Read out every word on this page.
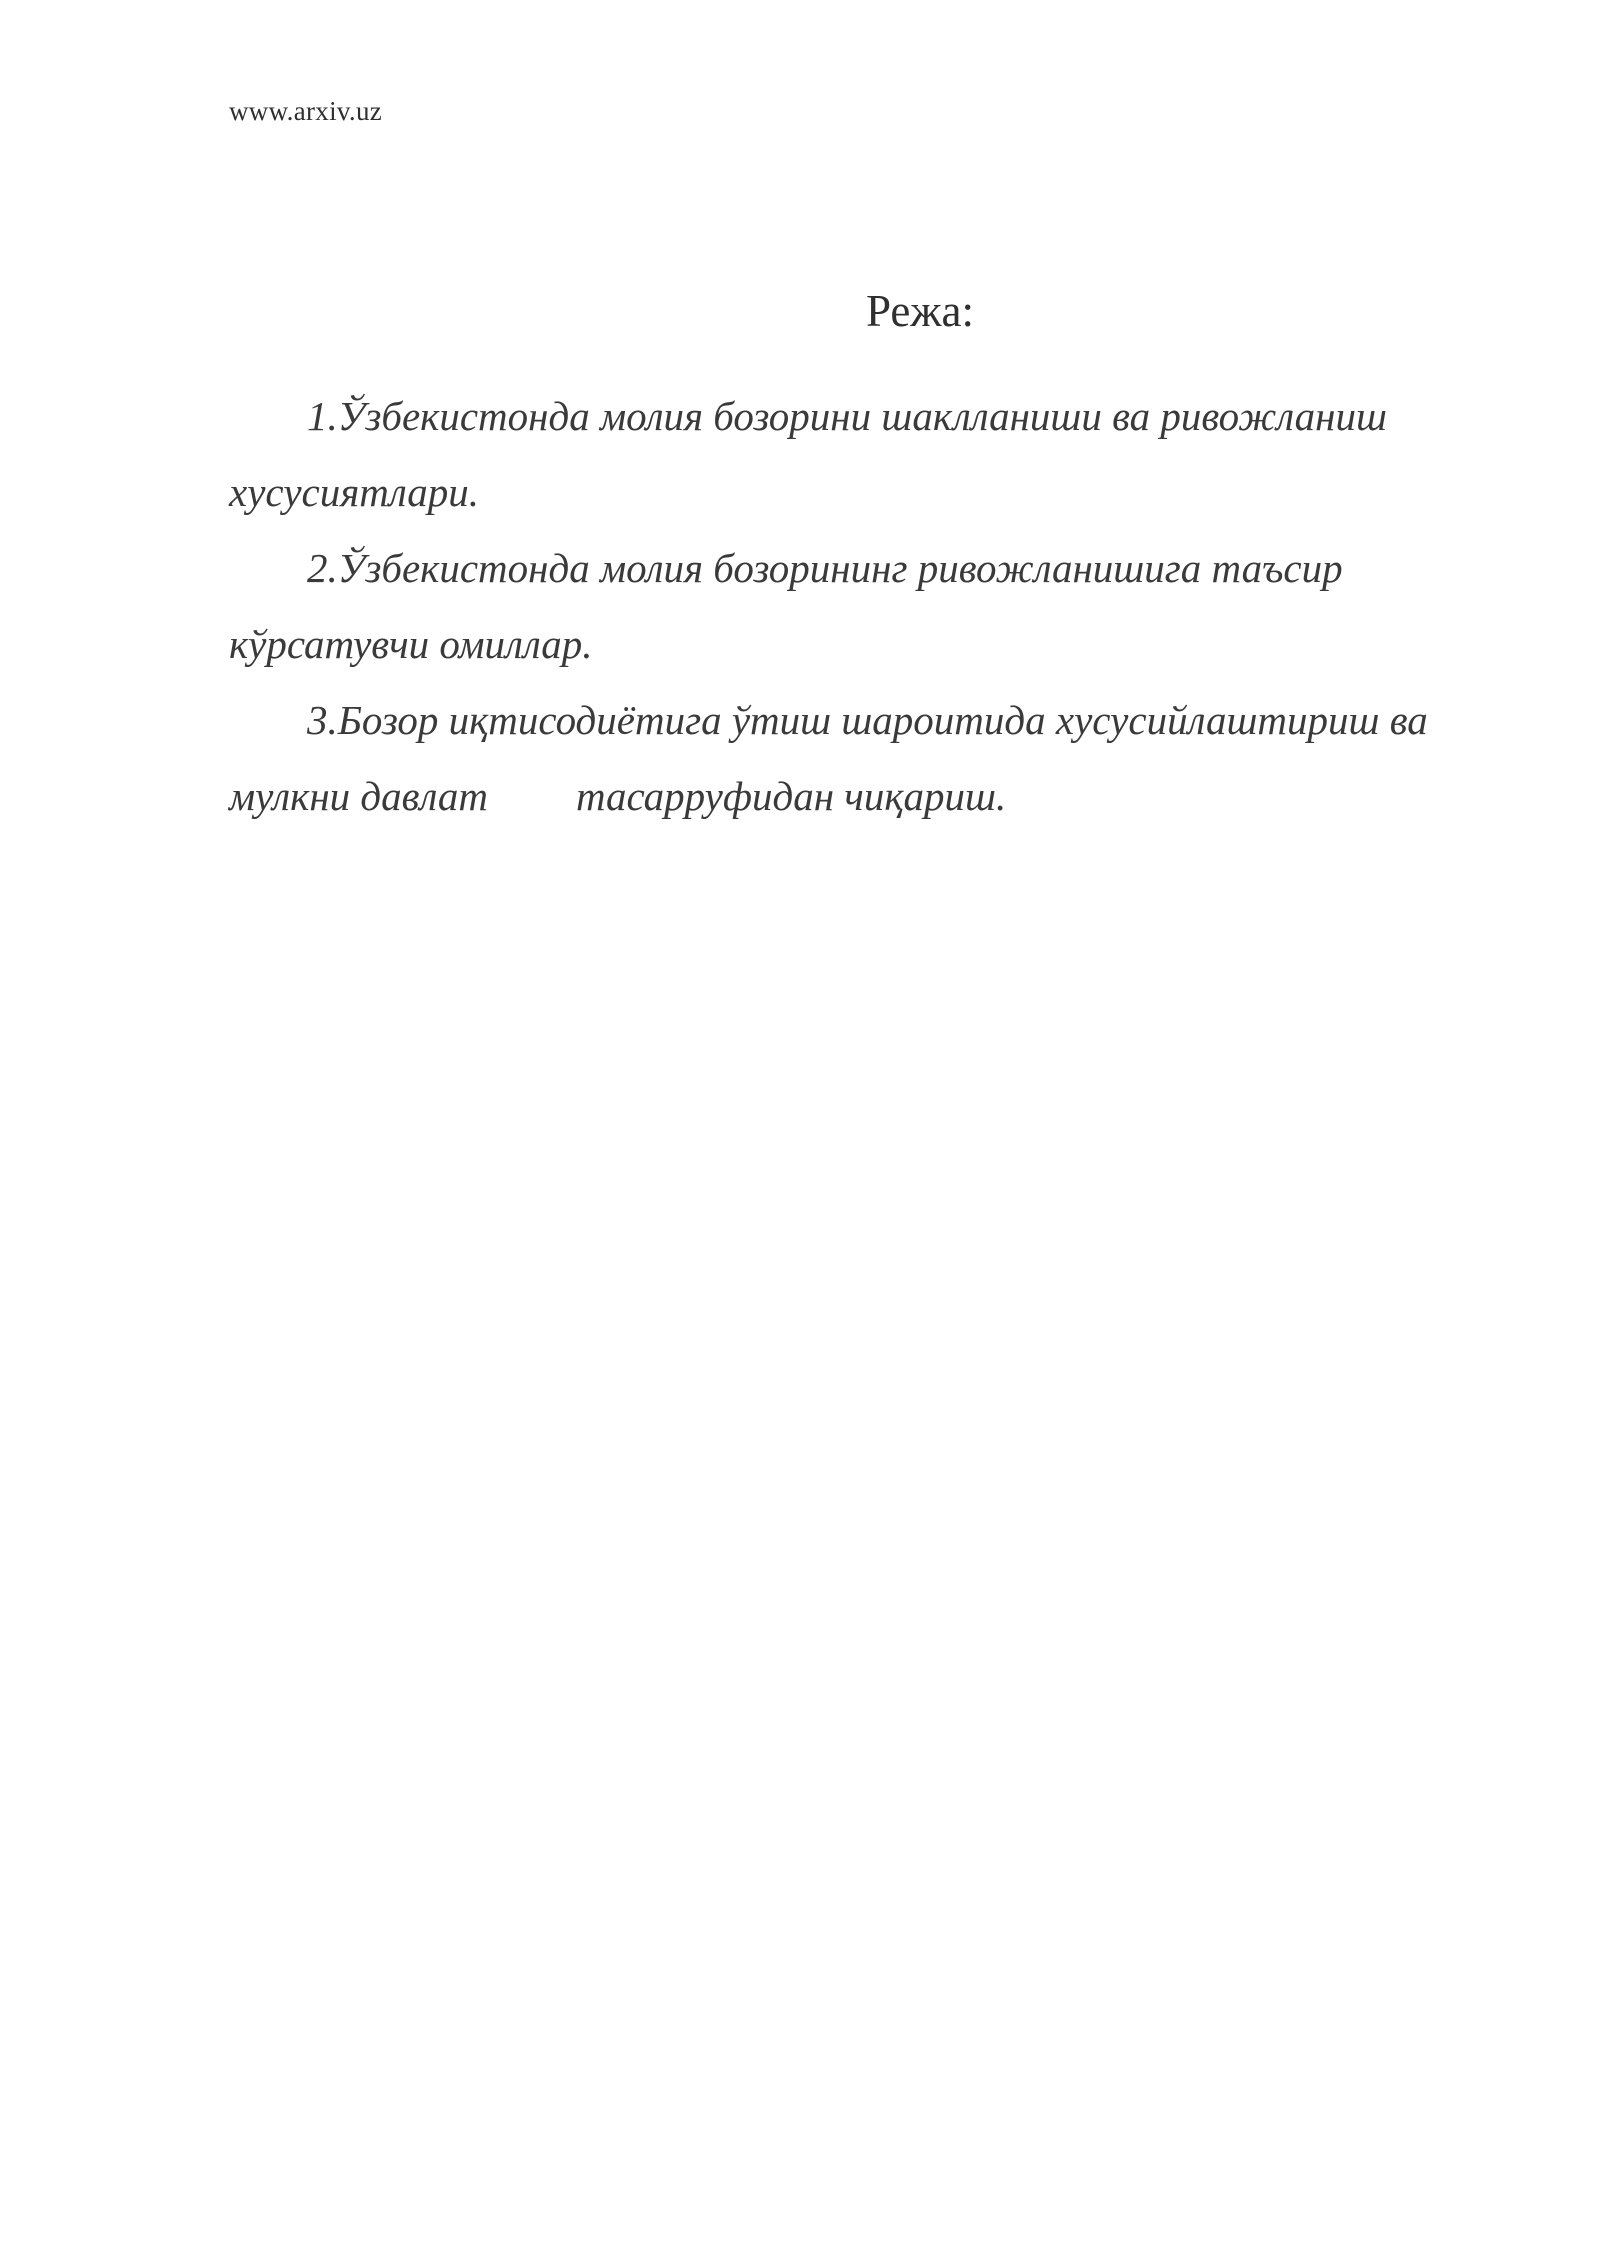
www.arxiv.uz
Режа:

1.Ўзбекистонда молия бозорини шаклланиши ва ривожланиш хусусиятлари.

2.Ўзбекистонда молия бозорининг ривожланишига таъсир кўрсатувчи омиллар.

3.Бозор иқтисодиётига ўтиш шароитида хусусийлаштириш ва мулкни давлат тасарруфидан чиқариш.
